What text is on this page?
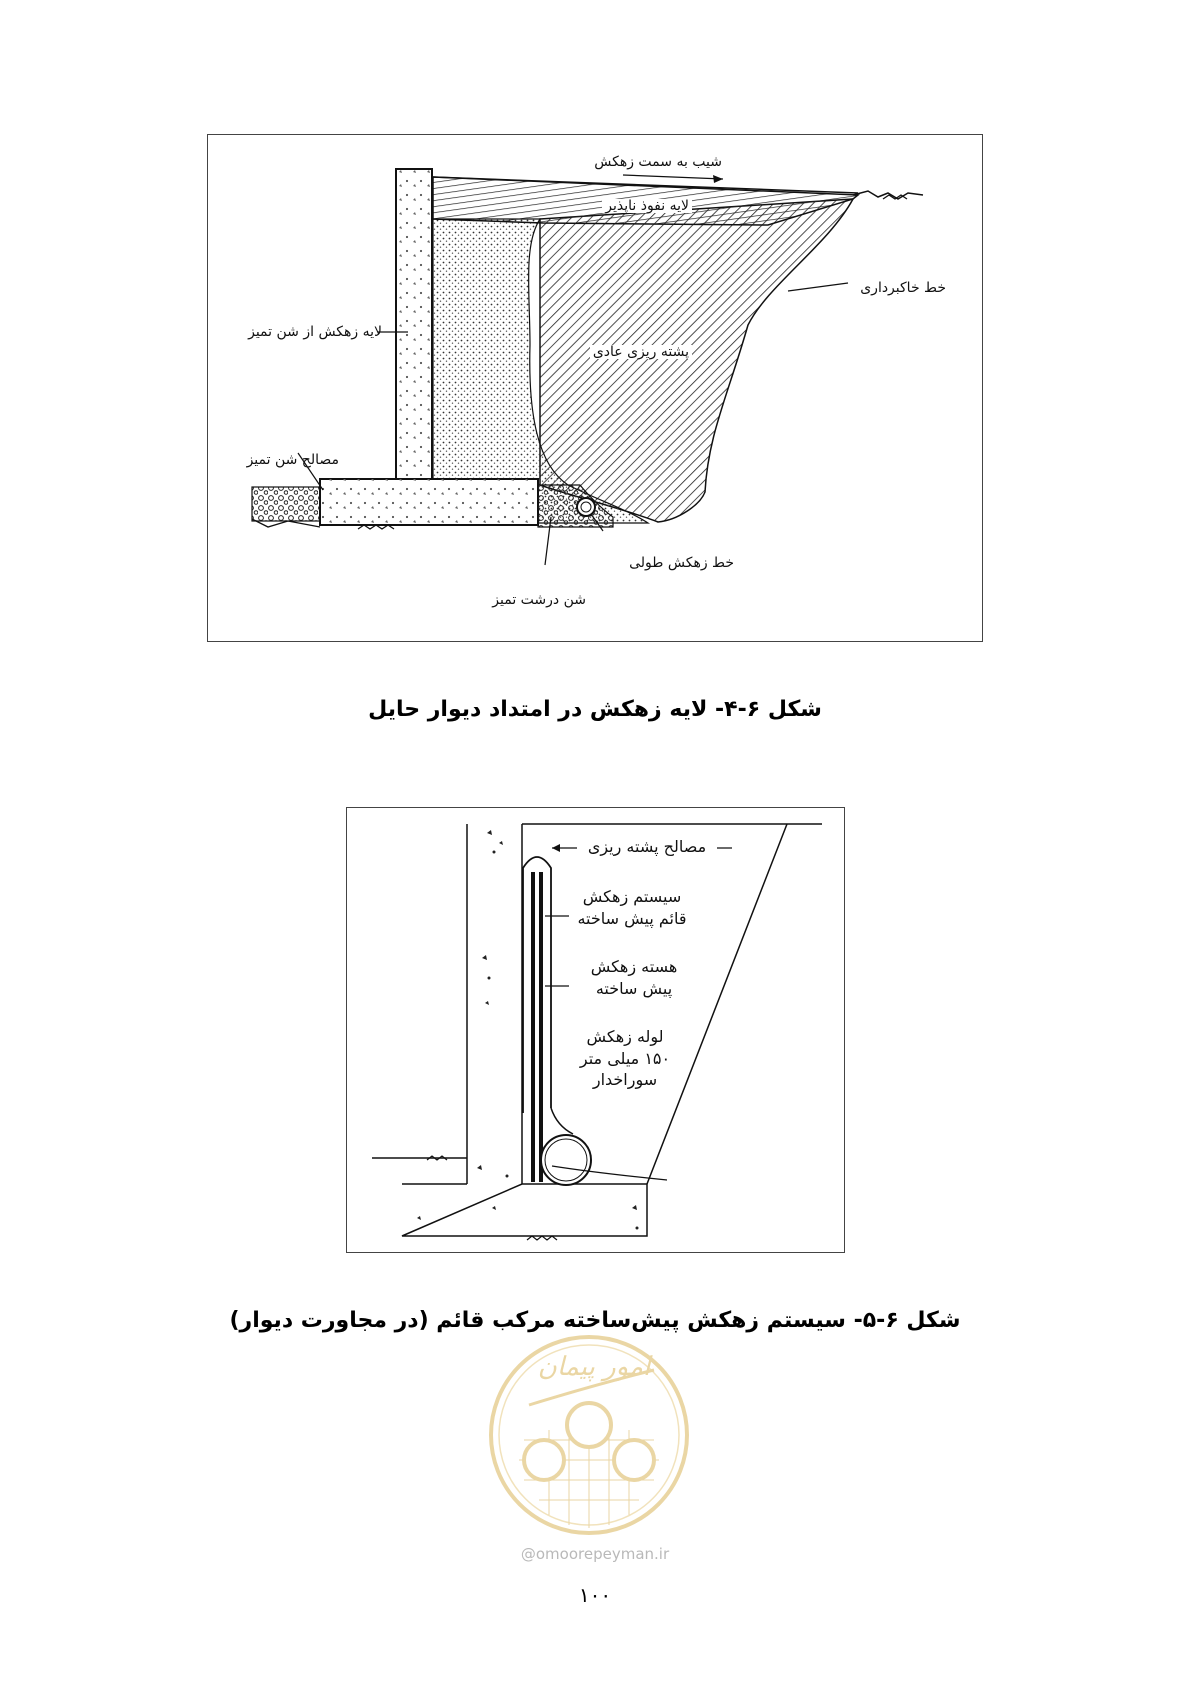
شیب به سمت زهکش
لایه نفوذ ناپذیر
خط خاکبرداری
لایه زهکش از شن تمیز
پشته ریزی عادی
مصالح شن تمیز
خط زهکش طولی
شن درشت تمیز
شکل ۶-۴- لایه زهکش در امتداد دیوار حایل
مصالح پشته ریزی
سیستم زهکش قائم پیش ساخته
هسته زهکش پیش ساخته
لوله زهکش ۱۵۰ میلی متر سوراخدار
شکل ۶-۵- سیستم زهکش پیش‌ساخته مرکب قائم (در مجاورت دیوار)
امور پیمان
@omoorepeyman.ir
۱۰۰
